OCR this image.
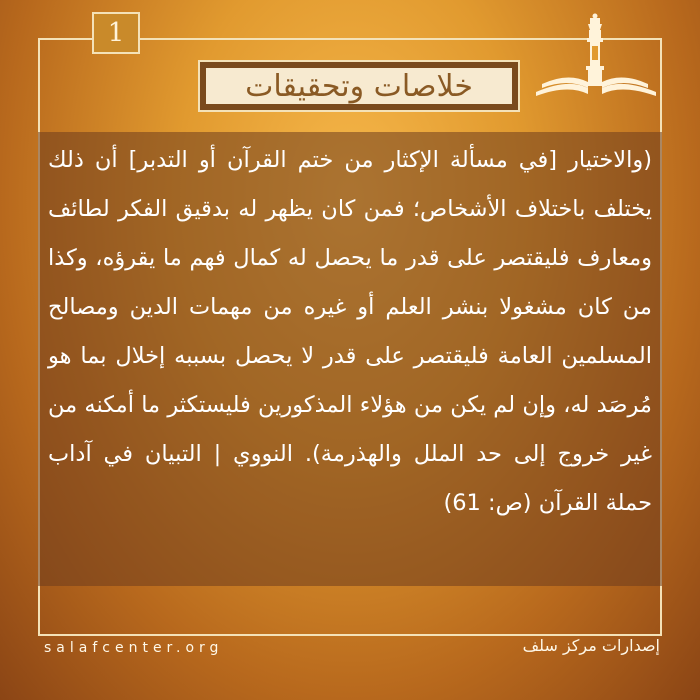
1
خلاصات وتحقيقات

(والاختيار [في مسألة الإكثار من ختم القرآن أو التدبر] أن ذلك يختلف باختلاف الأشخاص؛ فمن كان يظهر له بدقيق الفكر لطائف ومعارف فليقتصر على قدر ما يحصل له كمال فهم ما يقرؤه، وكذا من كان مشغولا بنشر العلم أو غيره من مهمات الدين ومصالح المسلمين العامة فليقتصر على قدر لا يحصل بسببه إخلال بما هو مُرصَد له، وإن لم يكن من هؤلاء المذكورين فليستكثر ما أمكنه من غير خروج إلى حد الملل والهذرمة). النووي | التبيان في آداب حملة القرآن (ص: 61)

salafcenter.org	إصدارات مركز سلف
